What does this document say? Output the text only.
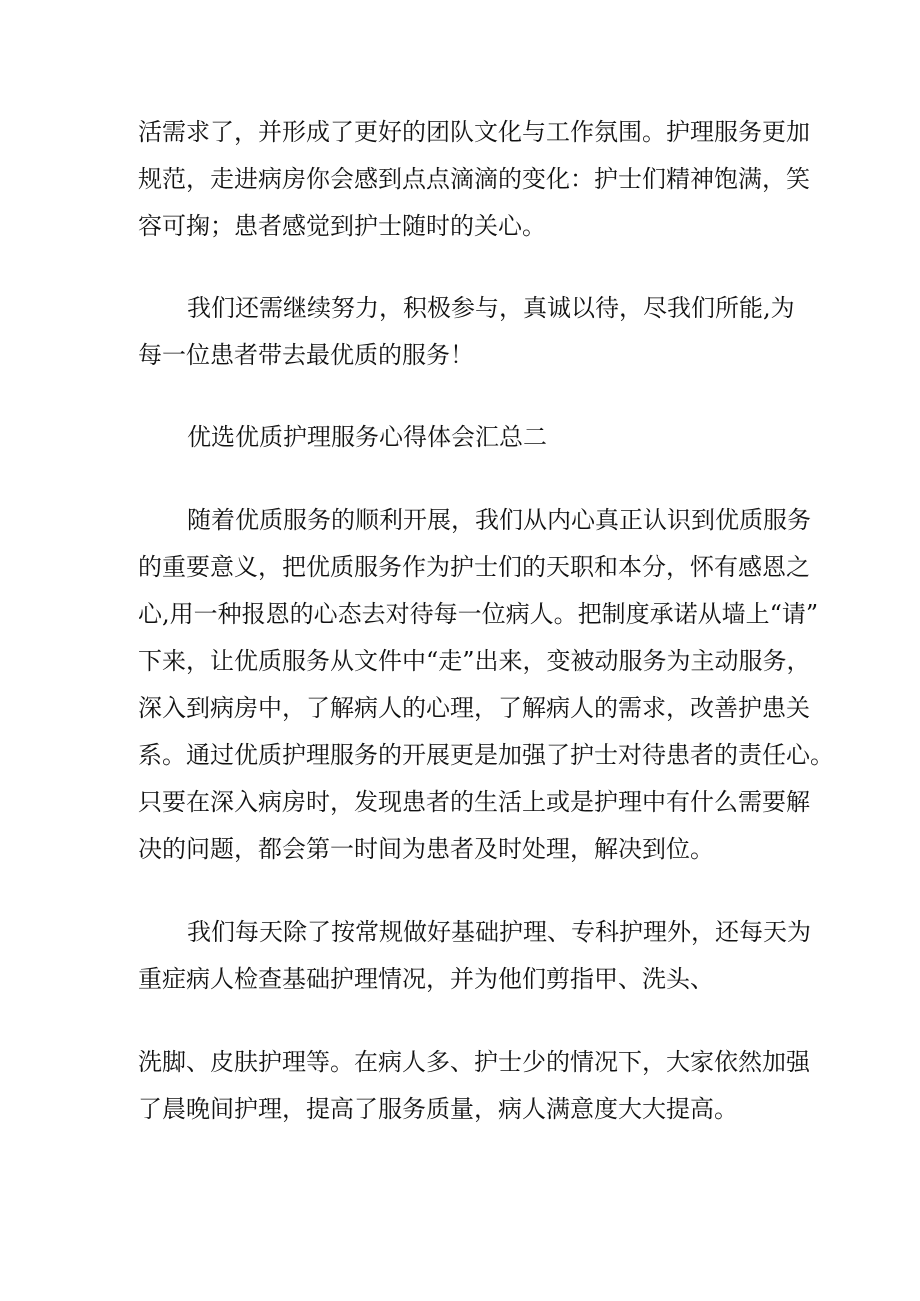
活需求了，并形成了更好的团队文化与工作氛围。护理服务更加
规范，走进病房你会感到点点滴滴的变化：护士们精神饱满，笑
容可掬；患者感觉到护士随时的关心。
我们还需继续努力，积极参与，真诚以待，尽我们所能,为
每一位患者带去最优质的服务！
优选优质护理服务心得体会汇总二
随着优质服务的顺利开展，我们从内心真正认识到优质服务
的重要意义，把优质服务作为护士们的天职和本分，怀有感恩之
心,用一种报恩的心态去对待每一位病人。把制度承诺从墙上“请”
下来，让优质服务从文件中“走”出来，变被动服务为主动服务，
深入到病房中，了解病人的心理，了解病人的需求，改善护患关
系。通过优质护理服务的开展更是加强了护士对待患者的责任心。
只要在深入病房时，发现患者的生活上或是护理中有什么需要解
决的问题，都会第一时间为患者及时处理，解决到位。
我们每天除了按常规做好基础护理、专科护理外，还每天为
重症病人检查基础护理情况，并为他们剪指甲、洗头、
洗脚、皮肤护理等。在病人多、护士少的情况下，大家依然加强
了晨晚间护理，提高了服务质量，病人满意度大大提高。
